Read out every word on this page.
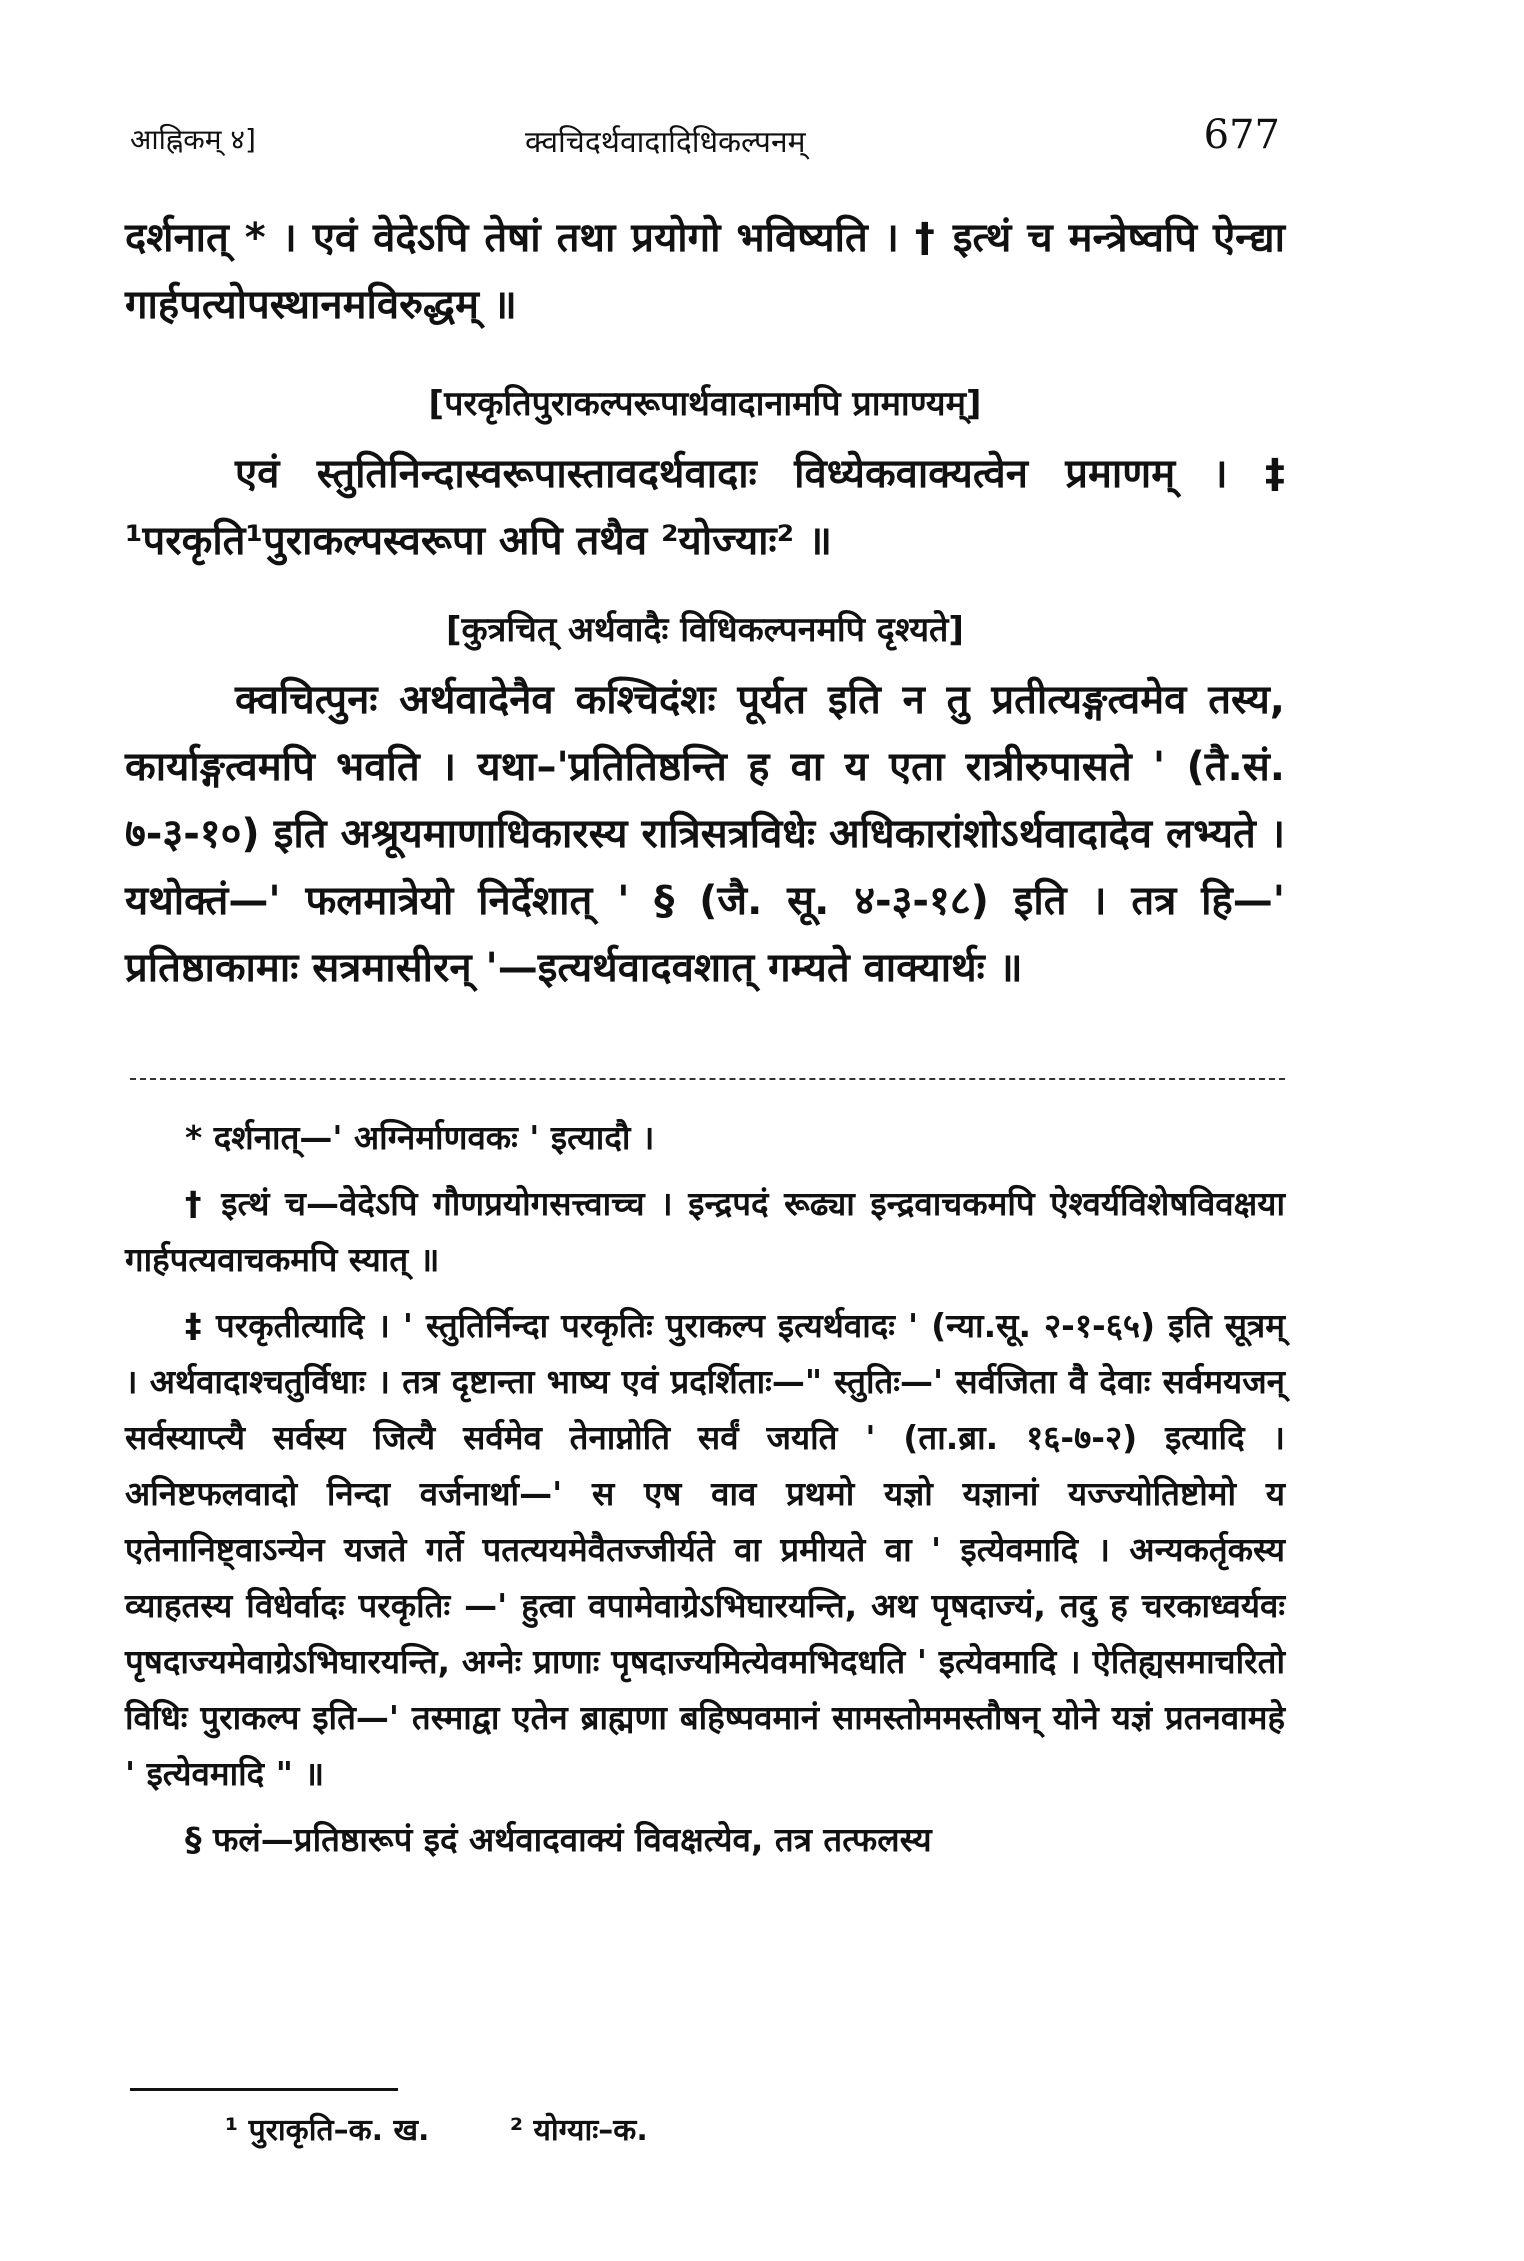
आह्निकम् ४]	क्वचिदर्थवादादिधिकल्पनम्	677

दर्शनात् * । एवं वेदेऽपि तेषां तथा प्रयोगो भविष्यति । † इत्थं च मन्त्रेष्वपि ऐन्द्या गार्हपत्योपस्थानमविरुद्धम् ॥

[परकृतिपुराकल्परूपार्थवादानामपि प्रामाण्यम्]

एवं स्तुतिनिन्दास्वरूपास्तावदर्थवादाः विध्येकवाक्यत्वेन प्रमाणम् । ‡ ¹परकृति¹पुराकल्पस्वरूपा अपि तथैव ²योज्याः² ॥

[कुत्रचित् अर्थवादैः विधिकल्पनमपि दृश्यते]

क्वचित्पुनः अर्थवादेनैव कश्चिदंशः पूर्यत इति न तु प्रतीत्यङ्गत्वमेव तस्य, कार्याङ्गत्वमपि भवति । यथा–'प्रतितिष्ठन्ति ह वा य एता रात्रीरुपासते ' (तै.सं. ७-३-१०) इति अश्रूयमाणाधिकारस्य रात्रिसत्रविधेः अधिकारांशोऽर्थवादादेव लभ्यते । यथोक्तं—' फलमात्रेयो निर्देशात् ' § (जै. सू. ४-३-१८) इति । तत्र हि—' प्रतिष्ठाकामाः सत्रमासीरन् '—इत्यर्थवादवशात् गम्यते वाक्यार्थः ॥

* दर्शनात्—' अग्निर्माणवकः ' इत्यादौ ।

† इत्थं च—वेदेऽपि गौणप्रयोगसत्त्वाच्च । इन्द्रपदं रूढ्या इन्द्रवाचकमपि ऐश्वर्यविशेषविवक्षया गार्हपत्यवाचकमपि स्यात् ॥

‡ परकृतीत्यादि । ' स्तुतिर्निन्दा परकृतिः पुराकल्प इत्यर्थवादः ' (न्या.सू. २-१-६५) इति सूत्रम् । अर्थवादाश्चतुर्विधाः । तत्र दृष्टान्ता भाष्य एवं प्रदर्शिताः—" स्तुतिः—' सर्वजिता वै देवाः सर्वमयजन् सर्वस्याप्त्यै सर्वस्य जित्यै सर्वमेव तेनाप्नोति सर्वं जयति ' (ता.ब्रा. १६-७-२) इत्यादि । अनिष्टफलवादो निन्दा वर्जनार्था—' स एष वाव प्रथमो यज्ञो यज्ञानां यज्ज्योतिष्टोमो य एतेनानिष्ट्वाऽन्येन यजते गर्ते पतत्ययमेवैतज्जीर्यते वा प्रमीयते वा ' इत्येवमादि । अन्यकर्तृकस्य व्याहतस्य विधेर्वादः परकृतिः —' हुत्वा वपामेवाग्रेऽभिघारयन्ति, अथ पृषदाज्यं, तदु ह चरकाध्वर्यवः पृषदाज्यमेवाग्रेऽभिघारयन्ति, अग्नेः प्राणाः पृषदाज्यमित्येवमभिदधति ' इत्येवमादि । ऐतिह्यसमाचरितो विधिः पुराकल्प इति—' तस्माद्वा एतेन ब्राह्मणा बहिष्पवमानं सामस्तोममस्तौषन् योने यज्ञं प्रतनवामहे ' इत्येवमादि " ॥

§ फलं—प्रतिष्ठारूपं इदं अर्थवादवाक्यं विवक्षत्येव, तत्र तत्फलस्य

¹ पुराकृति–क. ख.	² योग्याः–क.
